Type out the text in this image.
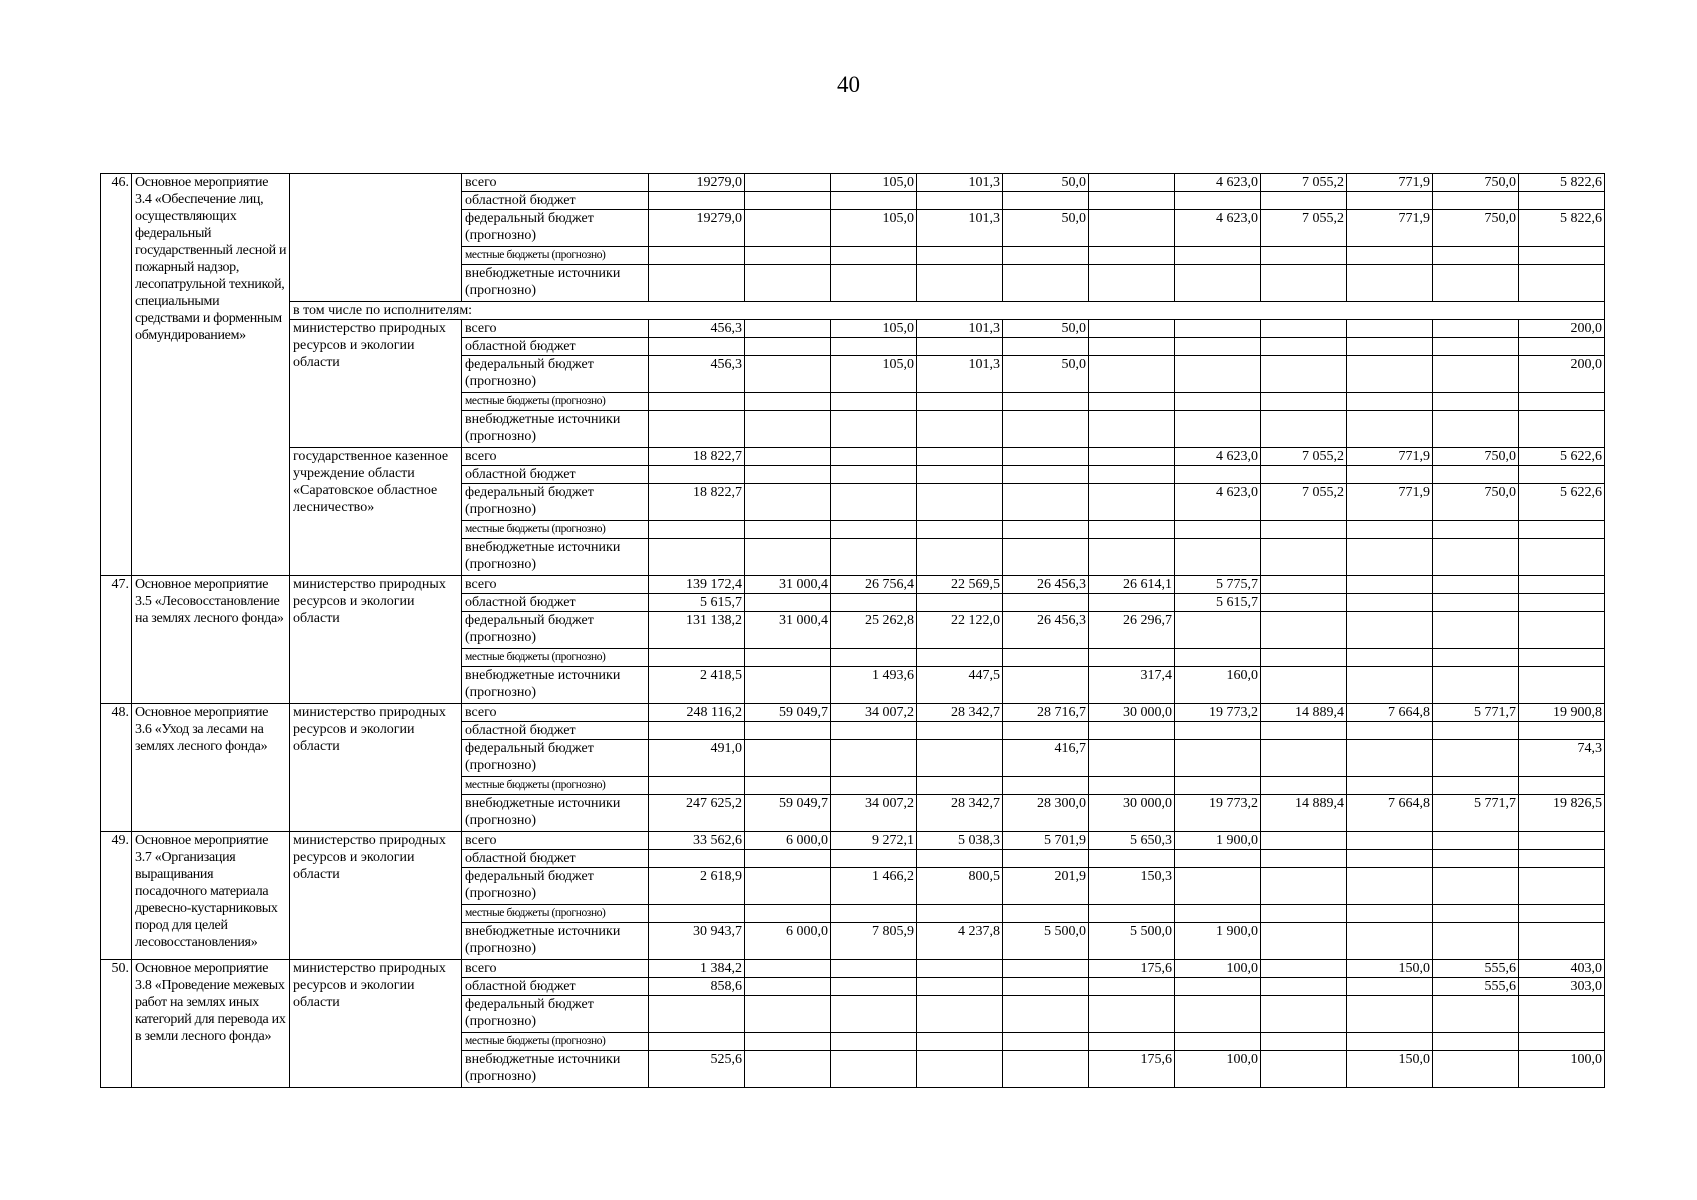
40
46.	Основное мероприятие 3.4 «Обеспечение лиц, осуществляющих федеральный государственный лесной и пожарный надзор, лесопатрульной техникой, специальными средствами и форменным обмундированием»		всего	19279,0		105,0	101,3	50,0		4 623,0	7 055,2	771,9	750,0	5 822,6
			областной бюджет											
			федеральный бюджет (прогнозно)	19279,0		105,0	101,3	50,0		4 623,0	7 055,2	771,9	750,0	5 822,6
			местные бюджеты (прогнозно)											
			внебюджетные источники (прогнозно)											
		в том числе по исполнителям:												
		министерство природных ресурсов и экологии области	всего	456,3		105,0	101,3	50,0						200,0
			областной бюджет											
			федеральный бюджет (прогнозно)	456,3		105,0	101,3	50,0						200,0
			местные бюджеты (прогнозно)											
			внебюджетные источники (прогнозно)											
		государственное казенное учреждение области «Саратовское областное лесничество»	всего	18 822,7						4 623,0	7 055,2	771,9	750,0	5 622,6
			областной бюджет											
			федеральный бюджет (прогнозно)	18 822,7						4 623,0	7 055,2	771,9	750,0	5 622,6
			местные бюджеты (прогнозно)											
			внебюджетные источники (прогнозно)											
47.	Основное мероприятие 3.5 «Лесовосстановление на землях лесного фонда»	министерство природных ресурсов и экологии области	всего	139 172,4	31 000,4	26 756,4	22 569,5	26 456,3	26 614,1	5 775,7				
			областной бюджет	5 615,7						5 615,7				
			федеральный бюджет (прогнозно)	131 138,2	31 000,4	25 262,8	22 122,0	26 456,3	26 296,7					
			местные бюджеты (прогнозно)											
			внебюджетные источники (прогнозно)	2 418,5		1 493,6	447,5		317,4	160,0				
48.	Основное мероприятие 3.6 «Уход за лесами на землях лесного фонда»	министерство природных ресурсов и экологии области	всего	248 116,2	59 049,7	34 007,2	28 342,7	28 716,7	30 000,0	19 773,2	14 889,4	7 664,8	5 771,7	19 900,8
			областной бюджет											
			федеральный бюджет (прогнозно)	491,0				416,7						74,3
			местные бюджеты (прогнозно)											
			внебюджетные источники (прогнозно)	247 625,2	59 049,7	34 007,2	28 342,7	28 300,0	30 000,0	19 773,2	14 889,4	7 664,8	5 771,7	19 826,5
49.	Основное мероприятие 3.7 «Организация выращивания посадочного материала древесно-кустарниковых пород для целей лесовосстановления»	министерство природных ресурсов и экологии области	всего	33 562,6	6 000,0	9 272,1	5 038,3	5 701,9	5 650,3	1 900,0				
			областной бюджет											
			федеральный бюджет (прогнозно)	2 618,9		1 466,2	800,5	201,9	150,3					
			местные бюджеты (прогнозно)											
			внебюджетные источники (прогнозно)	30 943,7	6 000,0	7 805,9	4 237,8	5 500,0	5 500,0	1 900,0				
50.	Основное мероприятие 3.8 «Проведение межевых работ на землях иных категорий для перевода их в земли лесного фонда»	министерство природных ресурсов и экологии области	всего	1 384,2					175,6	100,0		150,0	555,6	403,0
			областной бюджет	858,6									555,6	303,0
			федеральный бюджет (прогнозно)											
			местные бюджеты (прогнозно)											
			внебюджетные источники (прогнозно)	525,6					175,6	100,0		150,0		100,0
